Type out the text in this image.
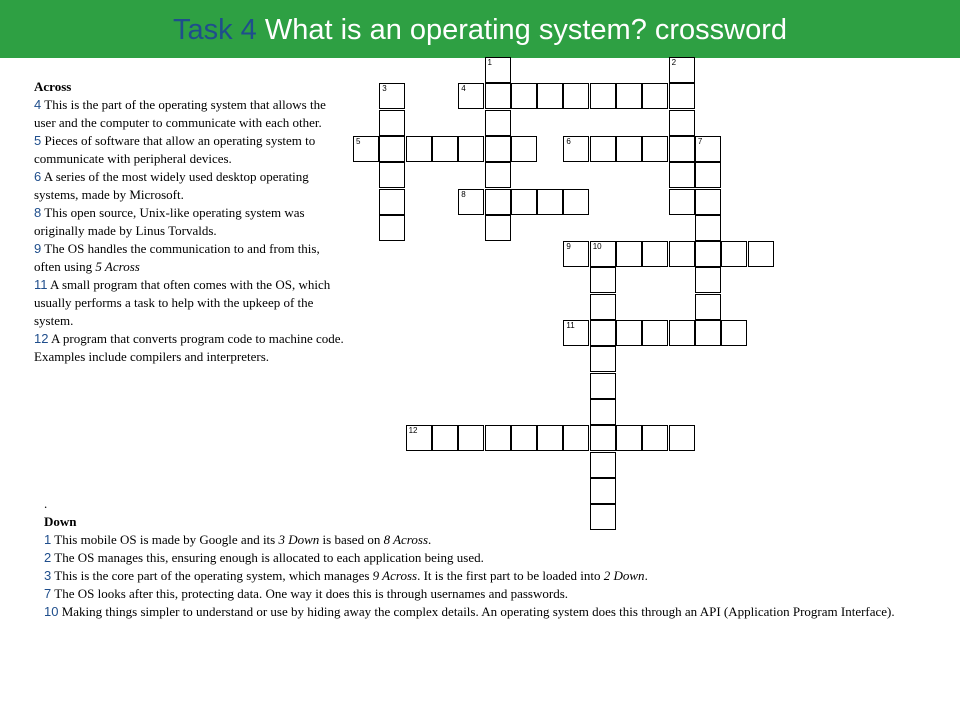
Task 4 What is an operating system? crossword
Across
4 This is the part of the operating system that allows the user and the computer to communicate with each other.
5 Pieces of software that allow an operating system to communicate with peripheral devices.
6 A series of the most widely used desktop operating systems, made by Microsoft.
8 This open source, Unix-like operating system was originally made by Linus Torvalds.
9 The OS handles the communication to and from this, often using 5 Across
11 A small program that often comes with the OS, which usually performs a task to help with the upkeep of the system.
12 A program that converts program code to machine code. Examples include compilers and interpreters.
.
Down
1 This mobile OS is made by Google and its 3 Down is based on 8 Across.
2 The OS manages this, ensuring enough is allocated to each application being used.
3 This is the core part of the operating system, which manages 9 Across. It is the first part to be loaded into 2 Down.
7 The OS looks after this, protecting data. One way it does this is through usernames and passwords.
10 Making things simpler to understand or use by hiding away the complex details. An operating system does this through an API (Application Program Interface).
1	2
3	4
5	6	7
8
9	10
11
12
